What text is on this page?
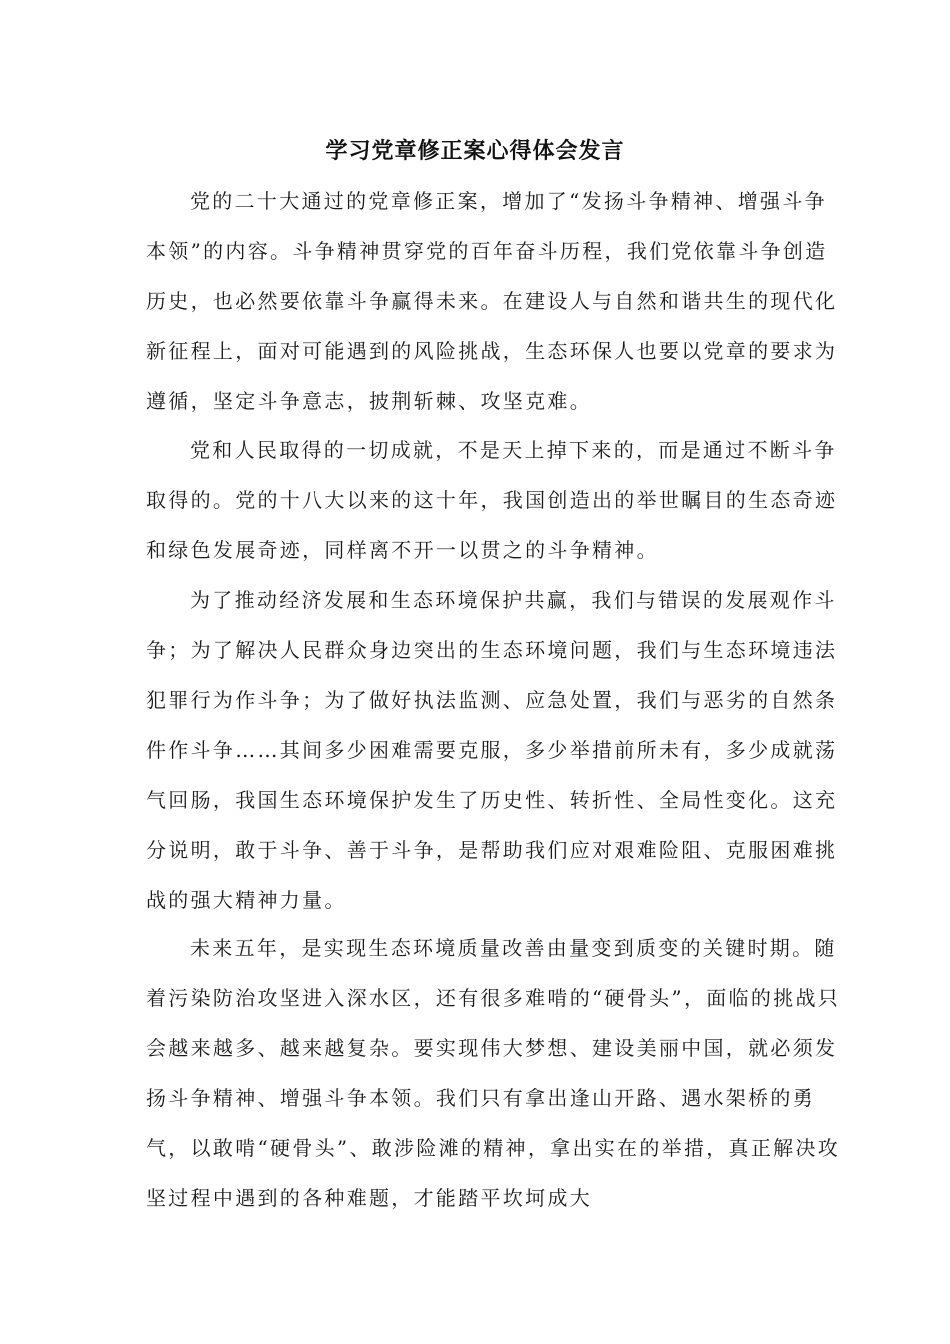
学习党章修正案心得体会发言

党的二十大通过的党章修正案，增加了“发扬斗争精神、增强斗争本领”的内容。斗争精神贯穿党的百年奋斗历程，我们党依靠斗争创造历史，也必然要依靠斗争赢得未来。在建设人与自然和谐共生的现代化新征程上，面对可能遇到的风险挑战，生态环保人也要以党章的要求为遵循，坚定斗争意志，披荆斩棘、攻坚克难。

党和人民取得的一切成就，不是天上掉下来的，而是通过不断斗争取得的。党的十八大以来的这十年，我国创造出的举世瞩目的生态奇迹和绿色发展奇迹，同样离不开一以贯之的斗争精神。

为了推动经济发展和生态环境保护共赢，我们与错误的发展观作斗争；为了解决人民群众身边突出的生态环境问题，我们与生态环境违法犯罪行为作斗争；为了做好执法监测、应急处置，我们与恶劣的自然条件作斗争……其间多少困难需要克服，多少举措前所未有，多少成就荡气回肠，我国生态环境保护发生了历史性、转折性、全局性变化。这充分说明，敢于斗争、善于斗争，是帮助我们应对艰难险阻、克服困难挑战的强大精神力量。

未来五年，是实现生态环境质量改善由量变到质变的关键时期。随着污染防治攻坚进入深水区，还有很多难啃的“硬骨头”，面临的挑战只会越来越多、越来越复杂。要实现伟大梦想、建设美丽中国，就必须发扬斗争精神、增强斗争本领。我们只有拿出逢山开路、遇水架桥的勇气，以敢啃“硬骨头”、敢涉险滩的精神，拿出实在的举措，真正解决攻坚过程中遇到的各种难题，才能踏平坎坷成大
